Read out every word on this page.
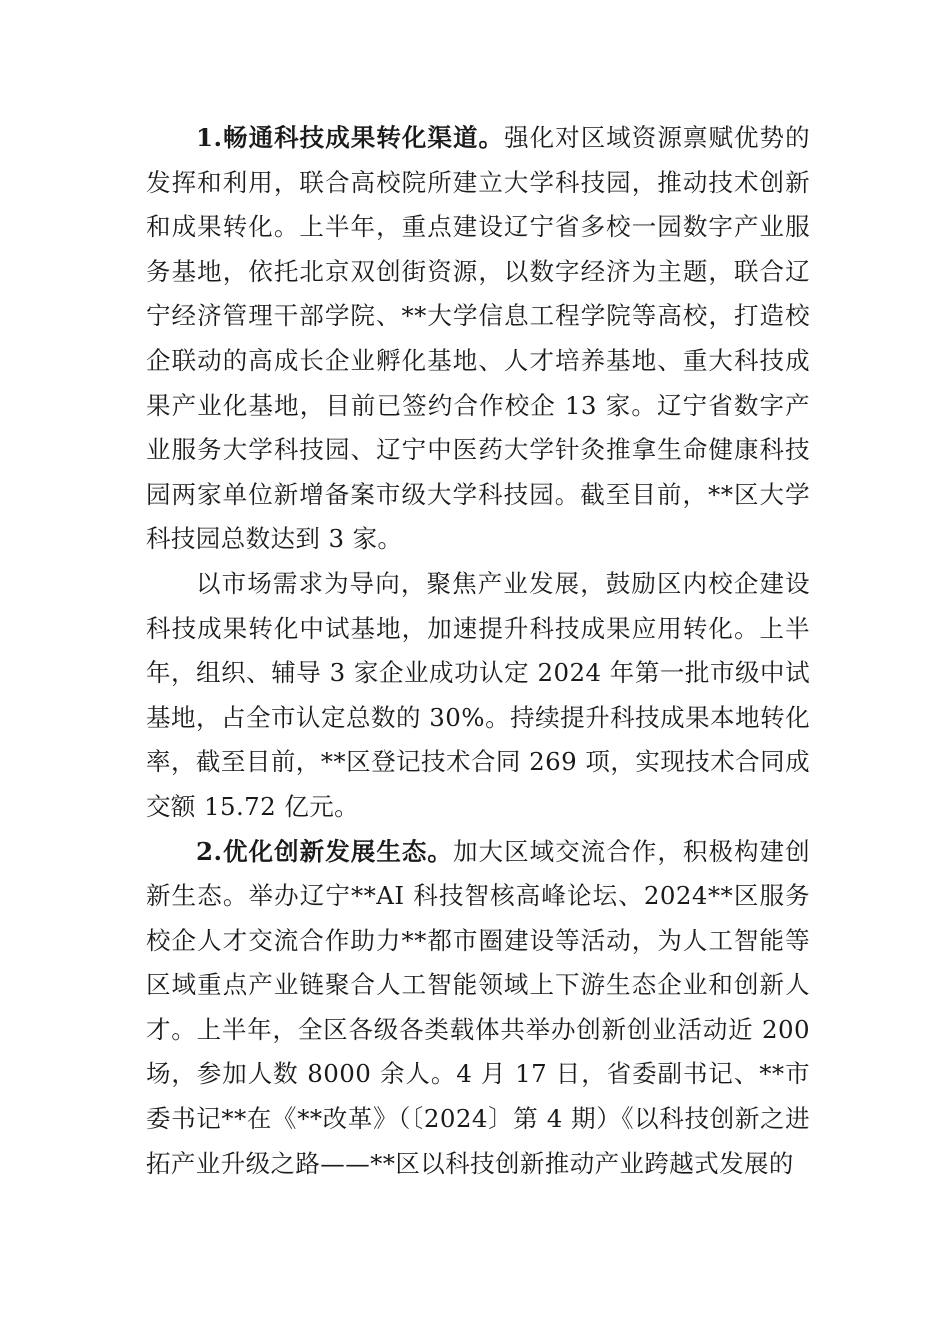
1.畅通科技成果转化渠道。强化对区域资源禀赋优势的发挥和利用，联合高校院所建立大学科技园，推动技术创新和成果转化。上半年，重点建设辽宁省多校一园数字产业服务基地，依托北京双创街资源，以数字经济为主题，联合辽宁经济管理干部学院、**大学信息工程学院等高校，打造校企联动的高成长企业孵化基地、人才培养基地、重大科技成果产业化基地，目前已签约合作校企 13 家。辽宁省数字产业服务大学科技园、辽宁中医药大学针灸推拿生命健康科技园两家单位新增备案市级大学科技园。截至目前，**区大学科技园总数达到 3 家。

以市场需求为导向，聚焦产业发展，鼓励区内校企建设科技成果转化中试基地，加速提升科技成果应用转化。上半年，组织、辅导 3 家企业成功认定 2024 年第一批市级中试基地，占全市认定总数的 30%。持续提升科技成果本地转化率，截至目前，**区登记技术合同 269 项，实现技术合同成交额 15.72 亿元。

2.优化创新发展生态。加大区域交流合作，积极构建创新生态。举办辽宁**AI 科技智核高峰论坛、2024**区服务校企人才交流合作助力**都市圈建设等活动，为人工智能等区域重点产业链聚合人工智能领域上下游生态企业和创新人才。上半年，全区各级各类载体共举办创新创业活动近 200 场，参加人数 8000 余人。4 月 17 日，省委副书记、**市委书记**在《**改革》（〔2024〕第 4 期）《以科技创新之进拓产业升级之路——**区以科技创新推动产业跨越式发展的
